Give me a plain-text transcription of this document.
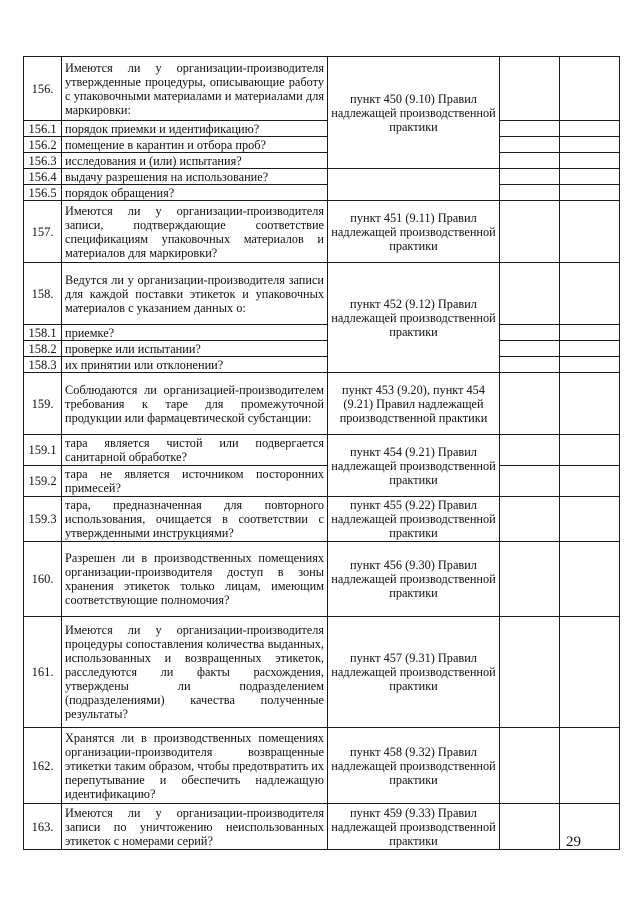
156.	Имеются ли у организации-производителя утвержденные процедуры, описывающие работу с упаковочными материалами и материалами для маркировки:	пункт 450 (9.10) Правил надлежащей производственной практики		
156.1	порядок приемки и идентификацию?			
156.2	помещение в карантин и отбора проб?			
156.3	исследования и (или) испытания?			
156.4	выдачу разрешения на использование?			
156.5	порядок обращения?			
157.	Имеются ли у организации-производителя записи, подтверждающие соответствие спецификациям упаковочных материалов и материалов для маркировки?	пункт 451 (9.11) Правил надлежащей производственной практики		
158.	Ведутся ли у организации-производителя записи для каждой поставки этикеток и упаковочных материалов с указанием данных о:	пункт 452 (9.12) Правил надлежащей производственной практики		
158.1	приемке?			
158.2	проверке или испытании?			
158.3	их принятии или отклонении?			
159.	Соблюдаются ли организацией-производителем требования к таре для промежуточной продукции или фармацевтической субстанции:	пункт 453 (9.20), пункт 454 (9.21) Правил надлежащей производственной практики		
159.1	тара является чистой или подвергается санитарной обработке?	пункт 454 (9.21) Правил надлежащей производственной практики		
159.2	тара не является источником посторонних примесей?			
159.3	тара, предназначенная для повторного использования, очищается в соответствии с утвержденными инструкциями?	пункт 455 (9.22) Правил надлежащей производственной практики		
160.	Разрешен ли в производственных помещениях организации-производителя доступ в зоны хранения этикеток только лицам, имеющим соответствующие полномочия?	пункт 456 (9.30) Правил надлежащей производственной практики		
161.	Имеются ли у организации-производителя процедуры сопоставления количества выданных, использованных и возвращенных этикеток, расследуются ли факты расхождения, утверждены ли подразделением (подразделениями) качества полученные результаты?	пункт 457 (9.31) Правил надлежащей производственной практики		
162.	Хранятся ли в производственных помещениях организации-производителя возвращенные этикетки таким образом, чтобы предотвратить их перепутывание и обеспечить надлежащую идентификацию?	пункт 458 (9.32) Правил надлежащей производственной практики		
163.	Имеются ли у организации-производителя записи по уничтожению неиспользованных этикеток с номерами серий?	пункт 459 (9.33) Правил надлежащей производственной практики			29
